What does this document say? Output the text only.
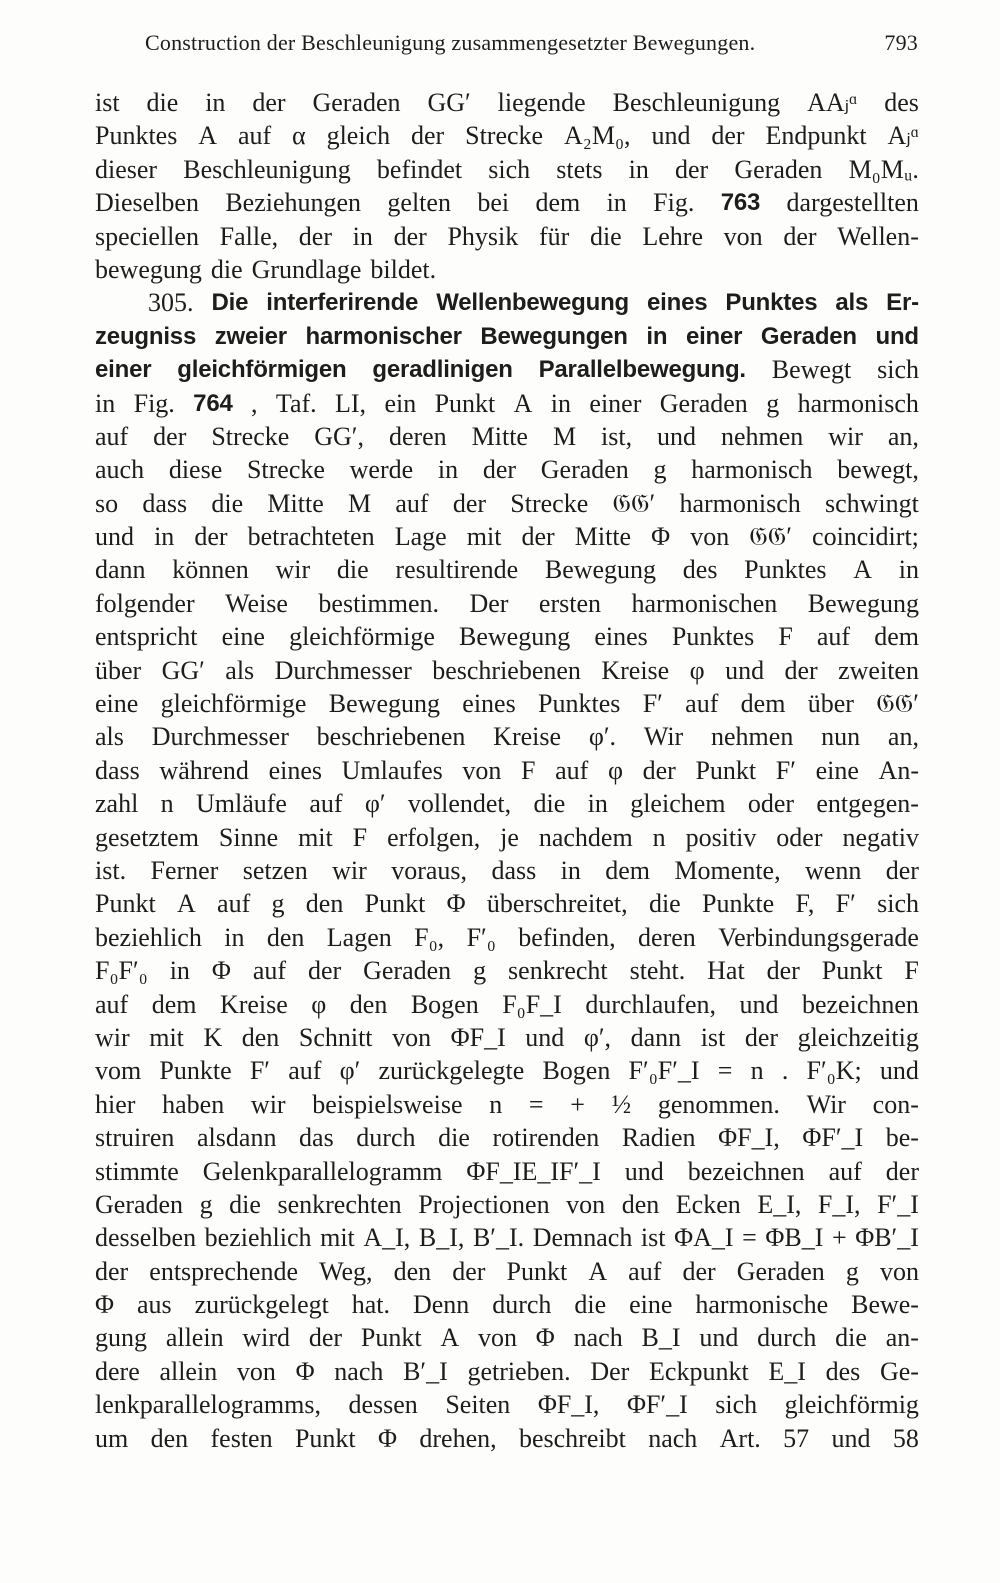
Construction der Beschleunigung zusammengesetzter Bewegungen.	793
ist die in der Geraden GG′ liegende Beschleunigung AAⱼᵅ des
Punktes A auf α gleich der Strecke A₂M₀, und der Endpunkt Aⱼᵅ
dieser Beschleunigung befindet sich stets in der Geraden M₀Mᵤ.
Dieselben Beziehungen gelten bei dem in Fig. 763 dargestellten
speciellen Falle, der in der Physik für die Lehre von der Wellen-
bewegung die Grundlage bildet.
305. Die interferirende Wellenbewegung eines Punktes als Er-
zeugniss zweier harmonischer Bewegungen in einer Geraden und
einer gleichförmigen geradlinigen Parallelbewegung. Bewegt sich
in Fig. 764 , Taf. LI, ein Punkt A in einer Geraden g harmonisch
auf der Strecke GG′, deren Mitte M ist, und nehmen wir an,
auch diese Strecke werde in der Geraden g harmonisch bewegt,
so dass die Mitte M auf der Strecke 𝔊𝔊′ harmonisch schwingt
und in der betrachteten Lage mit der Mitte Φ von 𝔊𝔊′ coincidirt;
dann können wir die resultirende Bewegung des Punktes A in
folgender Weise bestimmen. Der ersten harmonischen Bewegung
entspricht eine gleichförmige Bewegung eines Punktes F auf dem
über GG′ als Durchmesser beschriebenen Kreise φ und der zweiten
eine gleichförmige Bewegung eines Punktes F′ auf dem über 𝔊𝔊′
als Durchmesser beschriebenen Kreise φ′. Wir nehmen nun an,
dass während eines Umlaufes von F auf φ der Punkt F′ eine An-
zahl n Umläufe auf φ′ vollendet, die in gleichem oder entgegen-
gesetztem Sinne mit F erfolgen, je nachdem n positiv oder negativ
ist. Ferner setzen wir voraus, dass in dem Momente, wenn der
Punkt A auf g den Punkt Φ überschreitet, die Punkte F, F′ sich
beziehlich in den Lagen F₀, F′₀ befinden, deren Verbindungsgerade
F₀F′₀ in Φ auf der Geraden g senkrecht steht. Hat der Punkt F
auf dem Kreise φ den Bogen F₀F_I durchlaufen, und bezeichnen
wir mit K den Schnitt von ΦF_I und φ′, dann ist der gleichzeitig
vom Punkte F′ auf φ′ zurückgelegte Bogen F′₀F′_I = n . F′₀K; und
hier haben wir beispielsweise n = + ½ genommen. Wir con-
struiren alsdann das durch die rotirenden Radien ΦF_I, ΦF′_I be-
stimmte Gelenkparallelogramm ΦF_IE_IF′_I und bezeichnen auf der
Geraden g die senkrechten Projectionen von den Ecken E_I, F_I, F′_I
desselben beziehlich mit A_I, B_I, B′_I. Demnach ist ΦA_I = ΦB_I + ΦB′_I
der entsprechende Weg, den der Punkt A auf der Geraden g von
Φ aus zurückgelegt hat. Denn durch die eine harmonische Bewe-
gung allein wird der Punkt A von Φ nach B_I und durch die an-
dere allein von Φ nach B′_I getrieben. Der Eckpunkt E_I des Ge-
lenkparallelogramms, dessen Seiten ΦF_I, ΦF′_I sich gleichförmig
um den festen Punkt Φ drehen, beschreibt nach Art. 57 und 58
